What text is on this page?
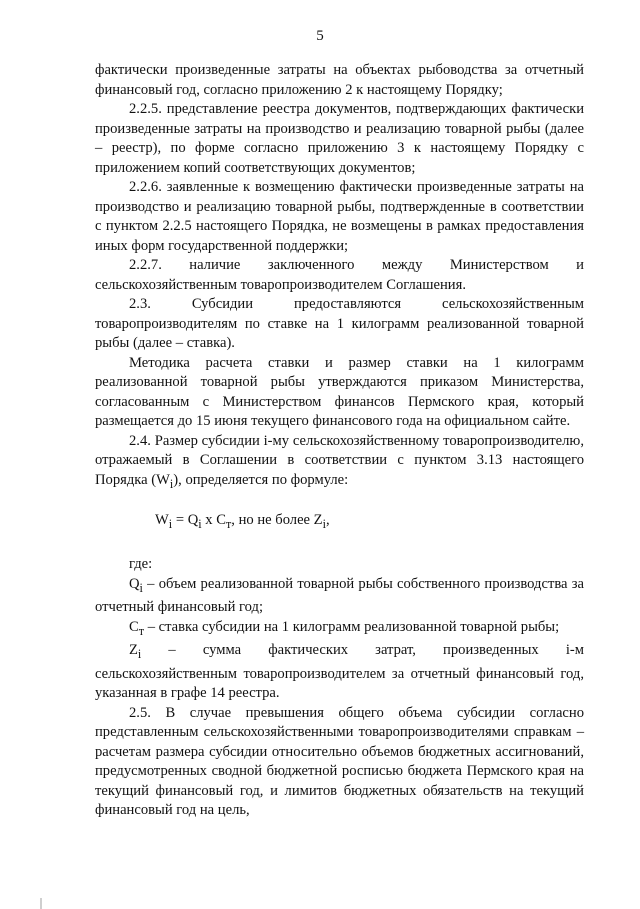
5

фактически произведенные затраты на объектах рыбоводства за отчетный финансовый год, согласно приложению 2 к настоящему Порядку;

2.2.5. представление реестра документов, подтверждающих фактически произведенные затраты на производство и реализацию товарной рыбы (далее – реестр), по форме согласно приложению 3 к настоящему Порядку с приложением копий соответствующих документов;

2.2.6. заявленные к возмещению фактически произведенные затраты на производство и реализацию товарной рыбы, подтвержденные в соответствии с пунктом 2.2.5 настоящего Порядка, не возмещены в рамках предоставления иных форм государственной поддержки;

2.2.7. наличие заключенного между Министерством и сельскохозяйственным товаропроизводителем Соглашения.

2.3. Субсидии предоставляются сельскохозяйственным товаропроизводителям по ставке на 1 килограмм реализованной товарной рыбы (далее – ставка).

Методика расчета ставки и размер ставки на 1 килограмм реализованной товарной рыбы утверждаются приказом Министерства, согласованным с Министерством финансов Пермского края, который размещается до 15 июня текущего финансового года на официальном сайте.

2.4. Размер субсидии i-му сельскохозяйственному товаропроизводителю, отражаемый в Соглашении в соответствии с пунктом 3.13 настоящего Порядка $(W_i)$, определяется по формуле:

$W_i = Q_i$ х $С_т$, но не более $Z_i$,

где:

$Q_i$ – объем реализованной товарной рыбы собственного производства за отчетный финансовый год;

$С_т$ – ставка субсидии на 1 килограмм реализованной товарной рыбы;

$Z_i$ – сумма фактических затрат, произведенных i-м сельскохозяйственным товаропроизводителем за отчетный финансовый год, указанная в графе 14 реестра.

2.5. В случае превышения общего объема субсидии согласно представленным сельскохозяйственными товаропроизводителями справкам – расчетам размера субсидии относительно объемов бюджетных ассигнований, предусмотренных сводной бюджетной росписью бюджета Пермского края на текущий финансовый год, и лимитов бюджетных обязательств на текущий финансовый год на цель,
